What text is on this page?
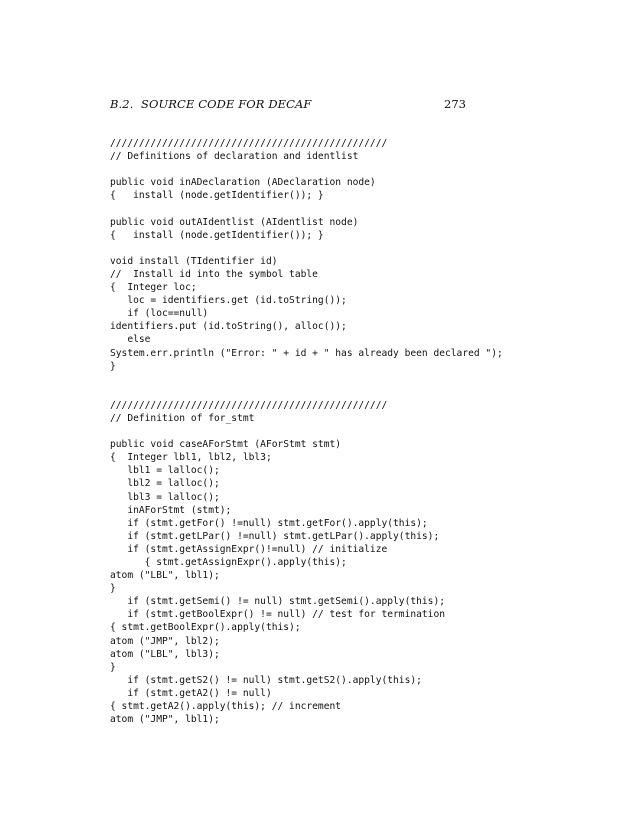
B.2.  SOURCE CODE FOR DECAF	273
////////////////////////////////////////////////
// Definitions of declaration and identlist
public void inADeclaration (ADeclaration node)
{   install (node.getIdentifier()); }
public void outAIdentlist (AIdentlist node)
{   install (node.getIdentifier()); }
void install (TIdentifier id)
//  Install id into the symbol table
{  Integer loc;
loc = identifiers.get (id.toString());
if (loc==null)
identifiers.put (id.toString(), alloc());
else
System.err.println ("Error: " + id + " has already been declared ");
}
////////////////////////////////////////////////
// Definition of for_stmt
public void caseAForStmt (AForStmt stmt)
{  Integer lbl1, lbl2, lbl3;
lbl1 = lalloc();
lbl2 = lalloc();
lbl3 = lalloc();
inAForStmt (stmt);
if (stmt.getFor() !=null) stmt.getFor().apply(this);
if (stmt.getLPar() !=null) stmt.getLPar().apply(this);
if (stmt.getAssignExpr()!=null) // initialize
{ stmt.getAssignExpr().apply(this);
atom ("LBL", lbl1);
}
if (stmt.getSemi() != null) stmt.getSemi().apply(this);
if (stmt.getBoolExpr() != null) // test for termination
{ stmt.getBoolExpr().apply(this);
atom ("JMP", lbl2);
atom ("LBL", lbl3);
}
if (stmt.getS2() != null) stmt.getS2().apply(this);
if (stmt.getA2() != null)
{ stmt.getA2().apply(this); // increment
atom ("JMP", lbl1);
